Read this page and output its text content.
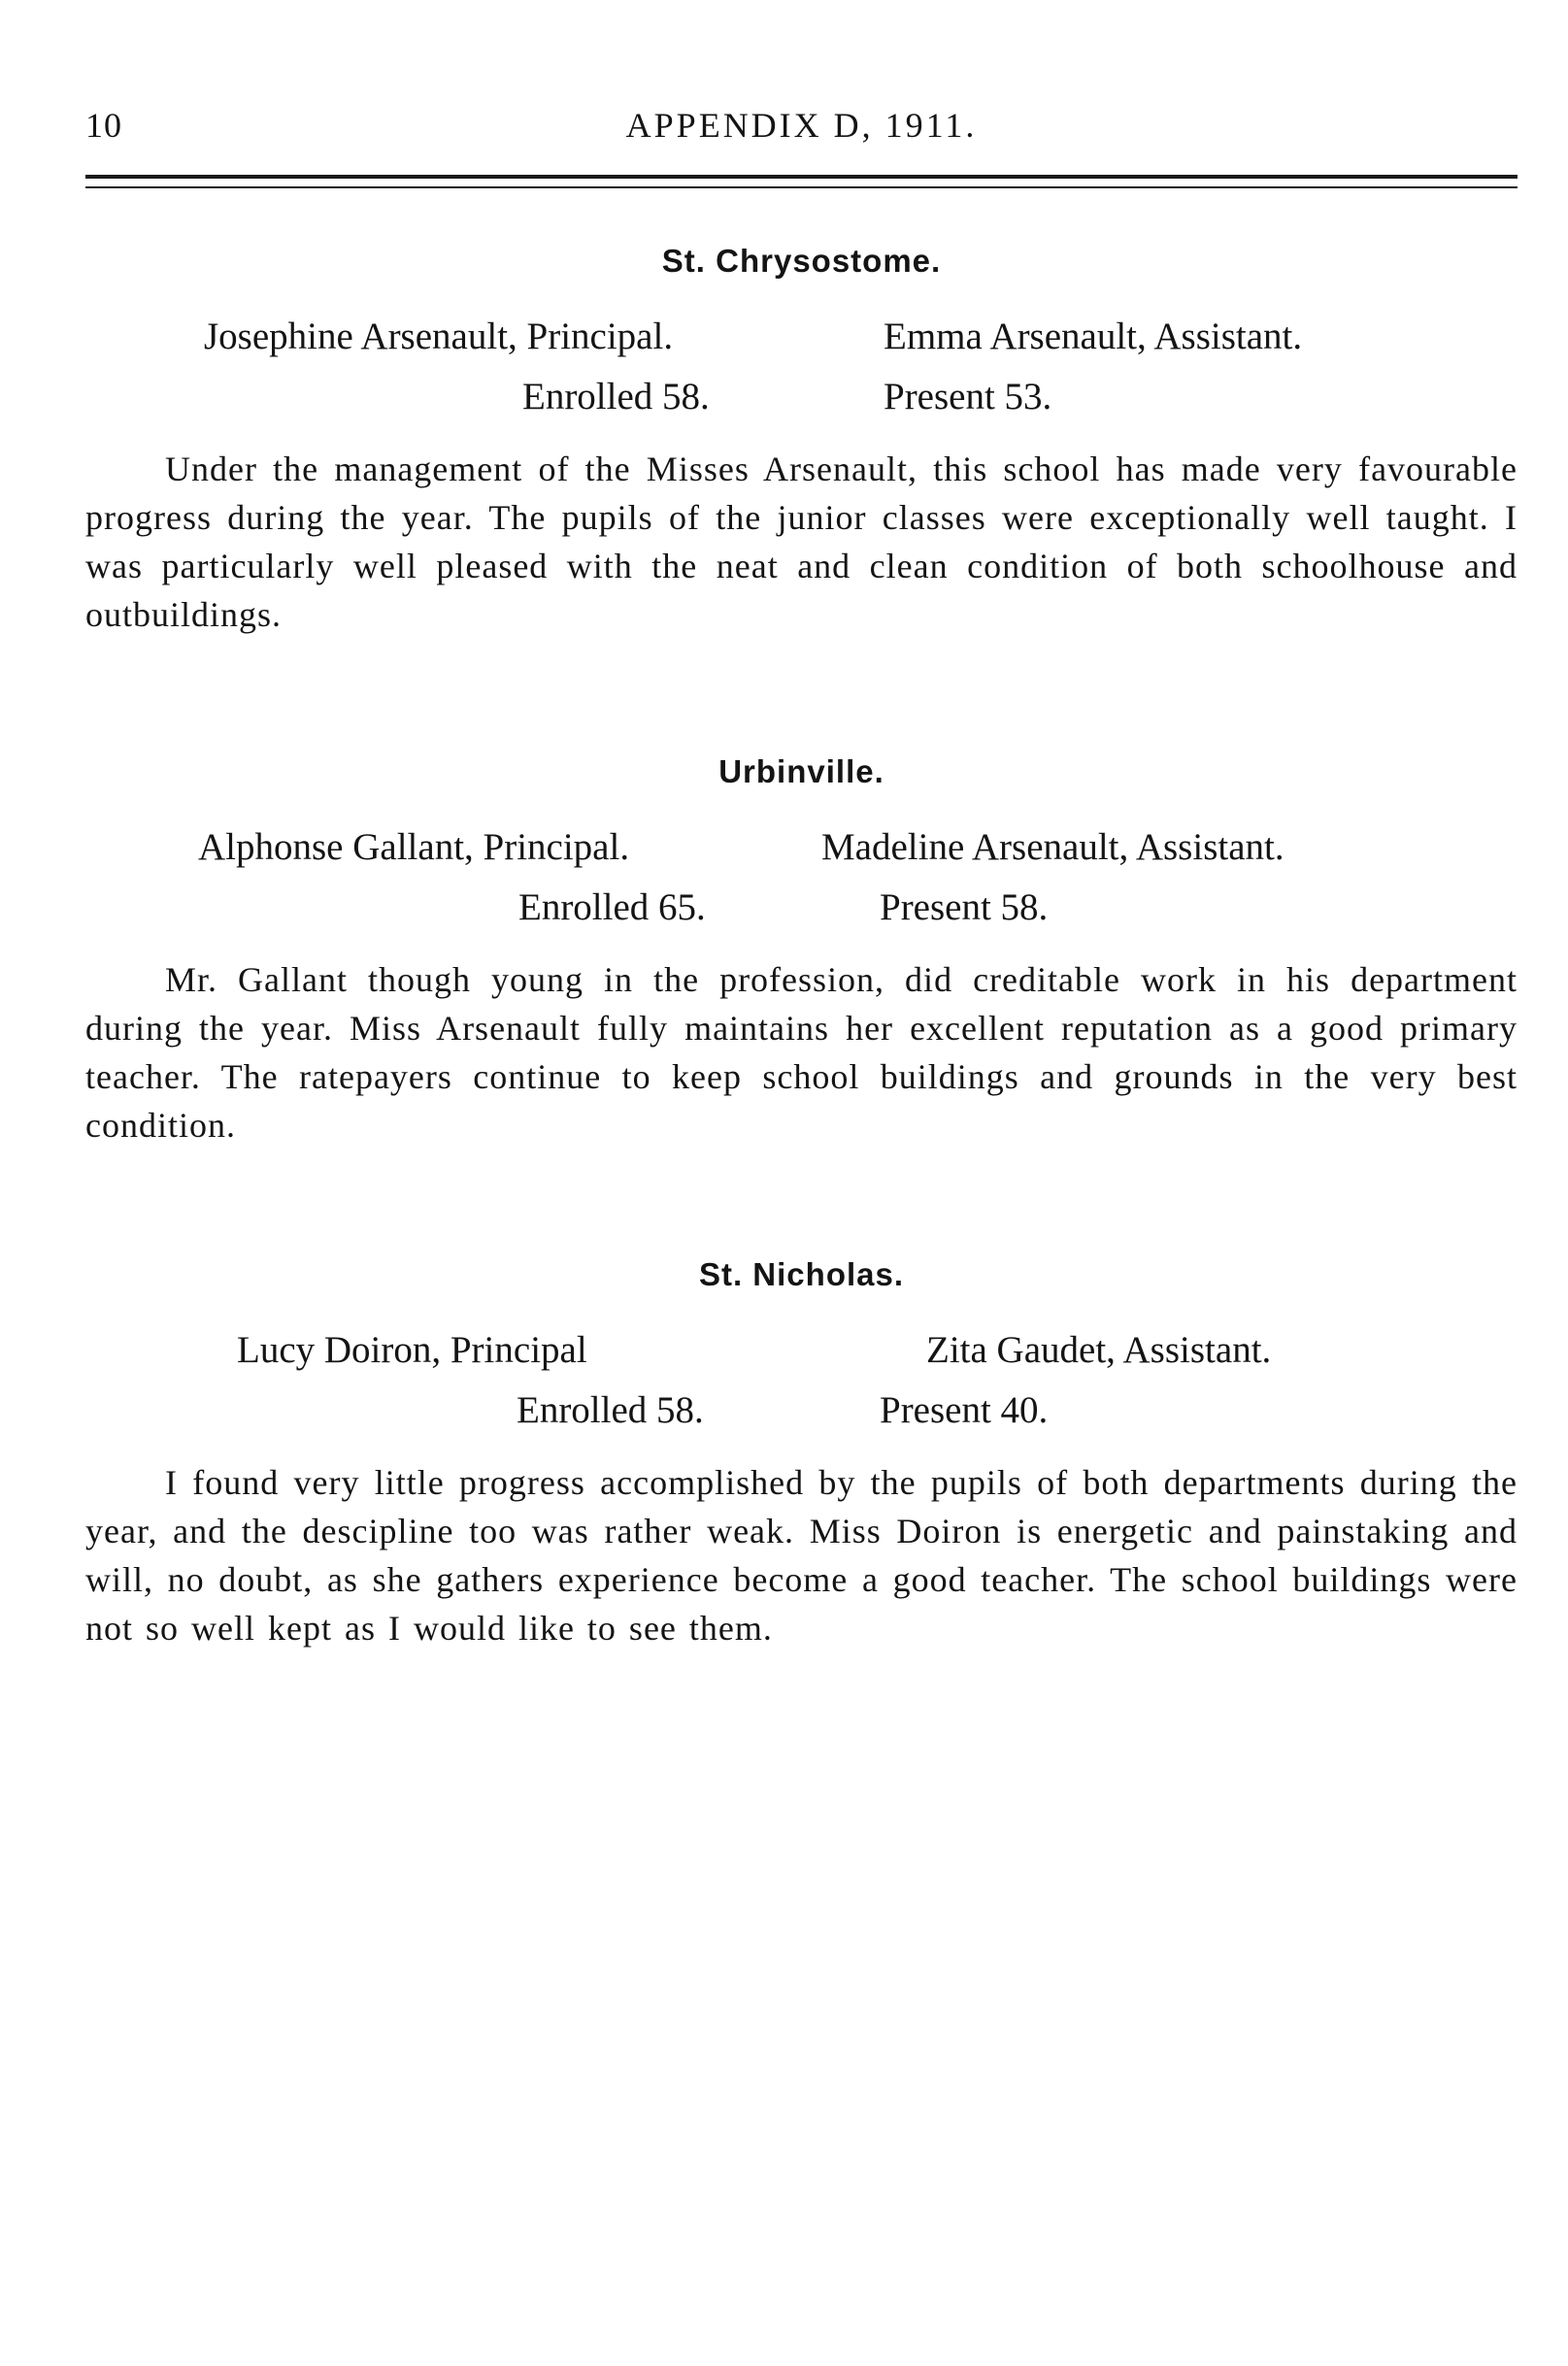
10	APPENDIX D, 1911.
St. Chrysostome.
Josephine Arsenault, Principal.	Emma Arsenault, Assistant.
Enrolled 58.	Present 53.

Under the management of the Misses Arsenault, this school has made very favourable progress during the year. The pupils of the junior classes were exceptionally well taught. I was particularly well pleased with the neat and clean condition of both schoolhouse and outbuildings.

Urbinville.
Alphonse Gallant, Principal.	Madeline Arsenault, Assistant.
Enrolled 65.	Present 58.

Mr. Gallant though young in the profession, did creditable work in his department during the year. Miss Arsenault fully maintains her excellent reputation as a good primary teacher. The ratepayers continue to keep school buildings and grounds in the very best condition.

St. Nicholas.
Lucy Doiron, Principal	Zita Gaudet, Assistant.
Enrolled 58.	Present 40.

I found very little progress accomplished by the pupils of both departments during the year, and the descipline too was rather weak. Miss Doiron is energetic and painstaking and will, no doubt, as she gathers experience become a good teacher. The school buildings were not so well kept as I would like to see them.
